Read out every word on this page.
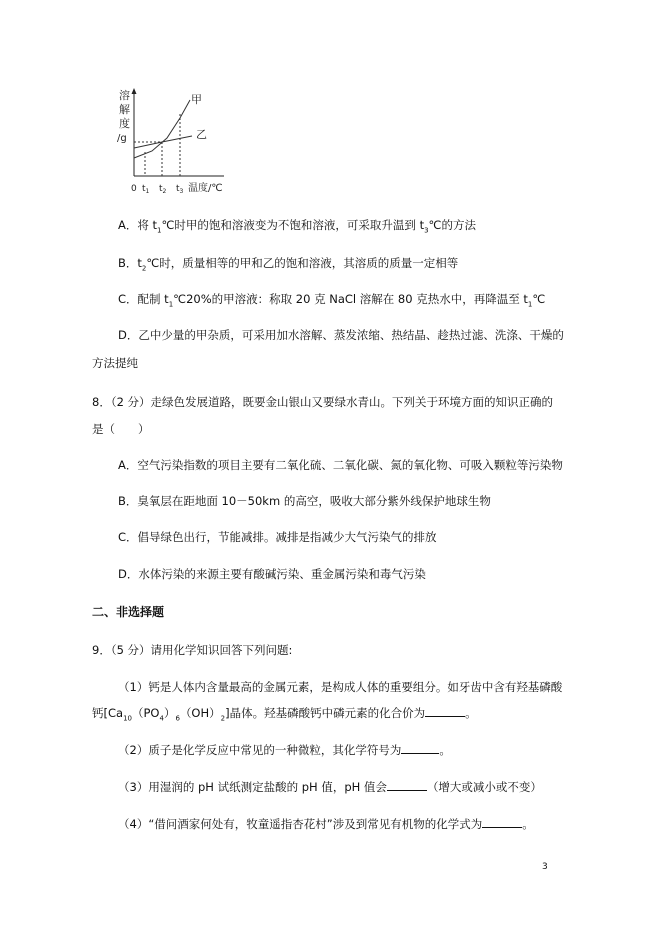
溶
解
度
/g
甲
乙
0 $t_1$ $t_2$ $t_3$ 温度/℃
A．将 $t_1℃$时甲的饱和溶液变为不饱和溶液，可采取升温到 $t_3℃$的方法
B．$t_2℃$时，质量相等的甲和乙的饱和溶液，其溶质的质量一定相等
C．配制 $t_1℃20\%$的甲溶液：称取 20 克 NaCl 溶解在 80 克热水中，再降温至 $t_1℃$
D．乙中少量的甲杂质，可采用加水溶解、蒸发浓缩、热结晶、趁热过滤、洗涤、干燥的
方法提纯
8．（2 分）走绿色发展道路，既要金山银山又要绿水青山。下列关于环境方面的知识正确的
是（　　）
A．空气污染指数的项目主要有二氧化硫、二氧化碳、氮的氧化物、可吸入颗粒等污染物
B．臭氧层在距地面 10－50km 的高空，吸收大部分紫外线保护地球生物
C．倡导绿色出行，节能减排。减排是指减少大气污染气的排放
D．水体污染的来源主要有酸碱污染、重金属污染和毒气污染
二、非选择题
9．（5 分）请用化学知识回答下列问题:
（1）钙是人体内含量最高的金属元素，是构成人体的重要组分。如牙齿中含有羟基磷酸
钙$[Ca_{10}(PO_4)_6(OH)_2]$晶体。羟基磷酸钙中磷元素的化合价为	。
（2）质子是化学反应中常见的一种微粒，其化学符号为	。
（3）用湿润的 pH 试纸测定盐酸的 pH 值，pH 值会	（增大或减小或不变）
（4）“借问酒家何处有，牧童遥指杏花村”涉及到常见有机物的化学式为	。
3
